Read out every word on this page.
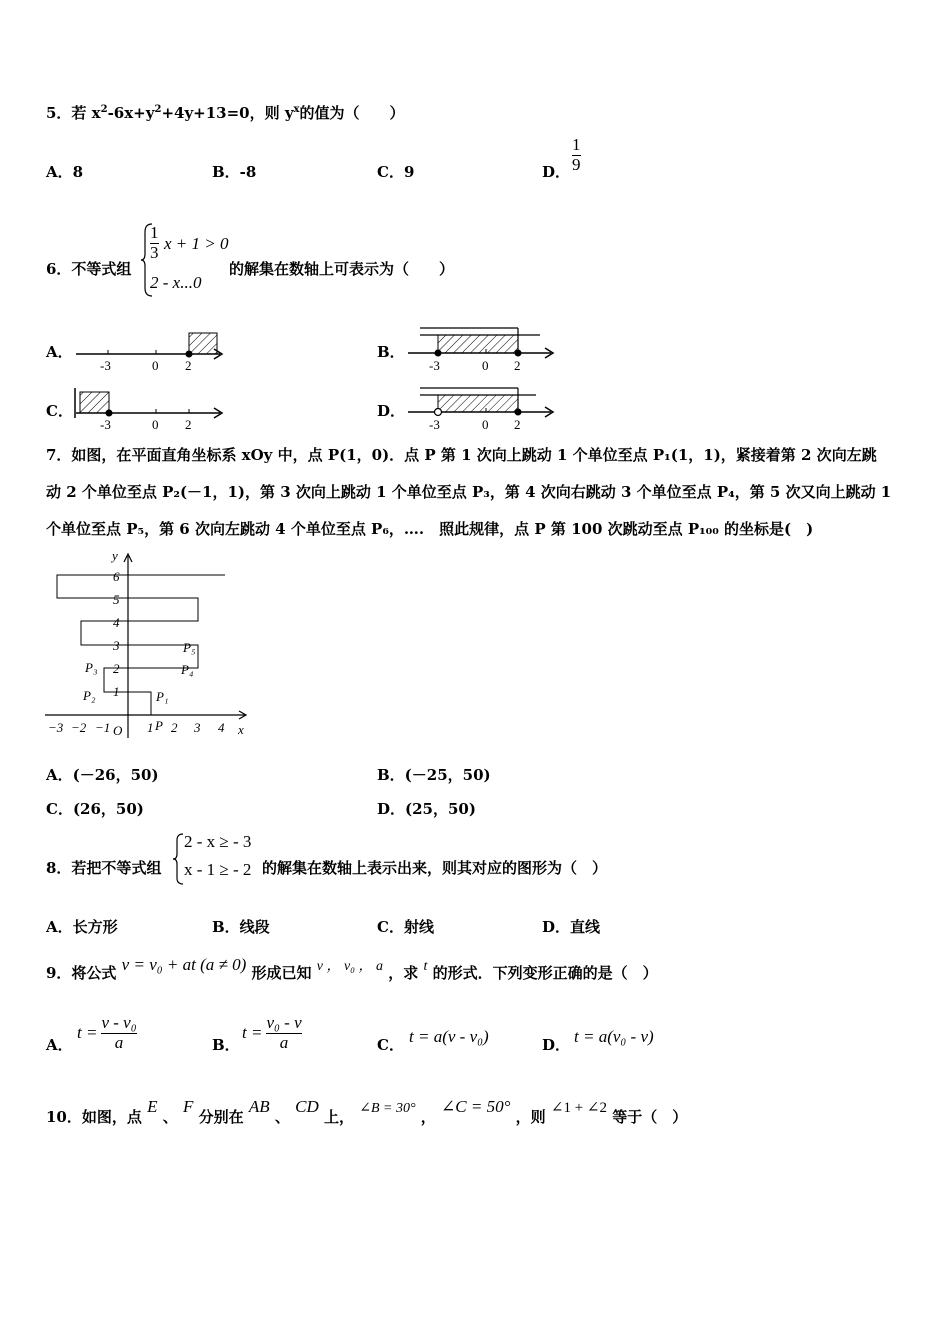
5．若 $x^2-6x+y^2+4y+13=0$，则 $y^x$的值为（　　）
A．8	B．-8	C．9	D．
1
9
6．不等式组
1
3 x + 1 > 0
2 - x...0
的解集在数轴上可表示为（　　）
A．	B．
C．	D．
-3	0 2	-3	0 2
-3	0 2	-3	0 2
7．如图，在平面直角坐标系 xOy 中，点 P(1，0)．点 P 第 1 次向上跳动 1 个单位至点 P₁(1，1)，紧接着第 2 次向左跳
动 2 个单位至点 P₂(－1，1)，第 3 次向上跳动 1 个单位至点 P₃，第 4 次向右跳动 3 个单位至点 P₄，第 5 次又向上跳动 1
个单位至点 P₅，第 6 次向左跳动 4 个单位至点 P₆，….　照此规律，点 P 第 100 次跳动至点 P₁₀₀ 的坐标是(　)
−3 −2 −1 O 1 2 3 4 x
1
2
3
4
5
6
y
P
P₁
P₂
P₃	P₄
P₅
A．(－26，50)	B．(－25，50)
C．(26，50)	D．(25，50)
8．若把不等式组
2 - x ≥ - 3
x - 1 ≥ - 2 的解集在数轴上表示出来，则其对应的图形为（　）
A．长方形	B．线段	C．射线	D．直线
9．将公式 v = v₀ + at (a ≠ 0) 形成已知 v ， v₀ ， a ，求 t 的形式．下列变形正确的是（　）
A．
$t = \frac{\text{v - v₀}}{a}$	B．
$t = \frac{\text{v₀ - v}}{a}$	C． t = a(v - v₀)	D． t = a(v₀ - v)
10．如图，点 E 、 F 分别在 AB 、 CD 上， ∠B = 30° ， ∠C = 50° ，则 ∠1 + ∠2 等于（　）
